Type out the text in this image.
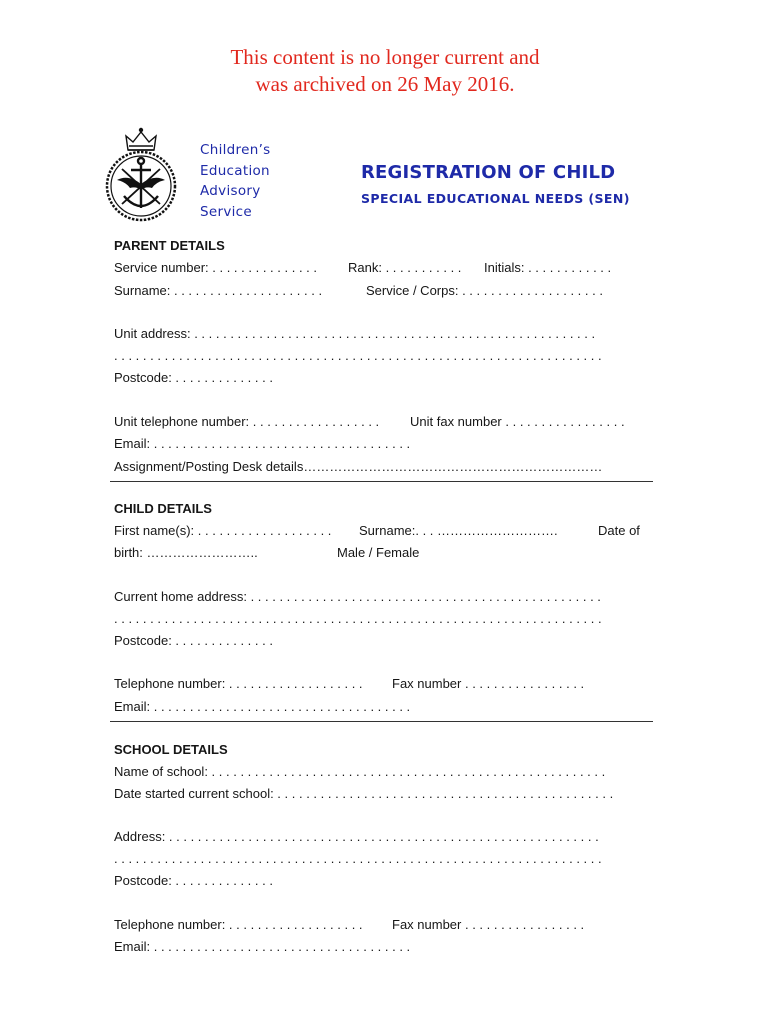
This content is no longer current and
was archived on 26 May 2016.
Children’s
Education
Advisory
Service
REGISTRATION OF CHILD
SPECIAL EDUCATIONAL NEEDS (SEN)
PARENT DETAILS
Service number: . . . . . . . . . . . . . . . Rank: . . . . . . . . . . . Initials: . . . . . . . . . . . .
Surname: . . . . . . . . . . . . . . . . . . . . .	Service / Corps: . . . . . . . . . . . . . . . . . . . .
Unit address: . . . . . . . . . . . . . . . . . . . . . . . . . . . . . . . . . . . . . . . . . . . . . . . . . . . . . . . .
. . . . . . . . . . . . . . . . . . . . . . . . . . . . . . . . . . . . . . . . . . . . . . . . . . . . . . . . . . . . . . . . . . . .
Postcode: . . . . . . . . . . . . . .
Unit telephone number: . . . . . . . . . . . . . . . . . . Unit fax number . . . . . . . . . . . . . . . . .
Email: . . . . . . . . . . . . . . . . . . . . . . . . . . . . . . . . . . . .
Assignment/Posting Desk details……………………………………………………………
CHILD DETAILS
First name(s): . . . . . . . . . . . . . . . . . . . Surname:. . . ……………………….	Date of
birth: ……………………..	Male / Female
Current home address: . . . . . . . . . . . . . . . . . . . . . . . . . . . . . . . . . . . . . . . . . . . . . . . . .
. . . . . . . . . . . . . . . . . . . . . . . . . . . . . . . . . . . . . . . . . . . . . . . . . . . . . . . . . . . . . . . . . . . .
Postcode: . . . . . . . . . . . . . .
Telephone number: . . . . . . . . . . . . . . . . . . . Fax number . . . . . . . . . . . . . . . . .
Email: . . . . . . . . . . . . . . . . . . . . . . . . . . . . . . . . . . . .
SCHOOL DETAILS
Name of school: . . . . . . . . . . . . . . . . . . . . . . . . . . . . . . . . . . . . . . . . . . . . . . . . . . . . . . .
Date started current school: . . . . . . . . . . . . . . . . . . . . . . . . . . . . . . . . . . . . . . . . . . . . . . .
Address: . . . . . . . . . . . . . . . . . . . . . . . . . . . . . . . . . . . . . . . . . . . . . . . . . . . . . . . . . . . .
. . . . . . . . . . . . . . . . . . . . . . . . . . . . . . . . . . . . . . . . . . . . . . . . . . . . . . . . . . . . . . . . . . . .
Postcode: . . . . . . . . . . . . . .
Telephone number: . . . . . . . . . . . . . . . . . . . Fax number . . . . . . . . . . . . . . . . .
Email: . . . . . . . . . . . . . . . . . . . . . . . . . . . . . . . . . . . .
